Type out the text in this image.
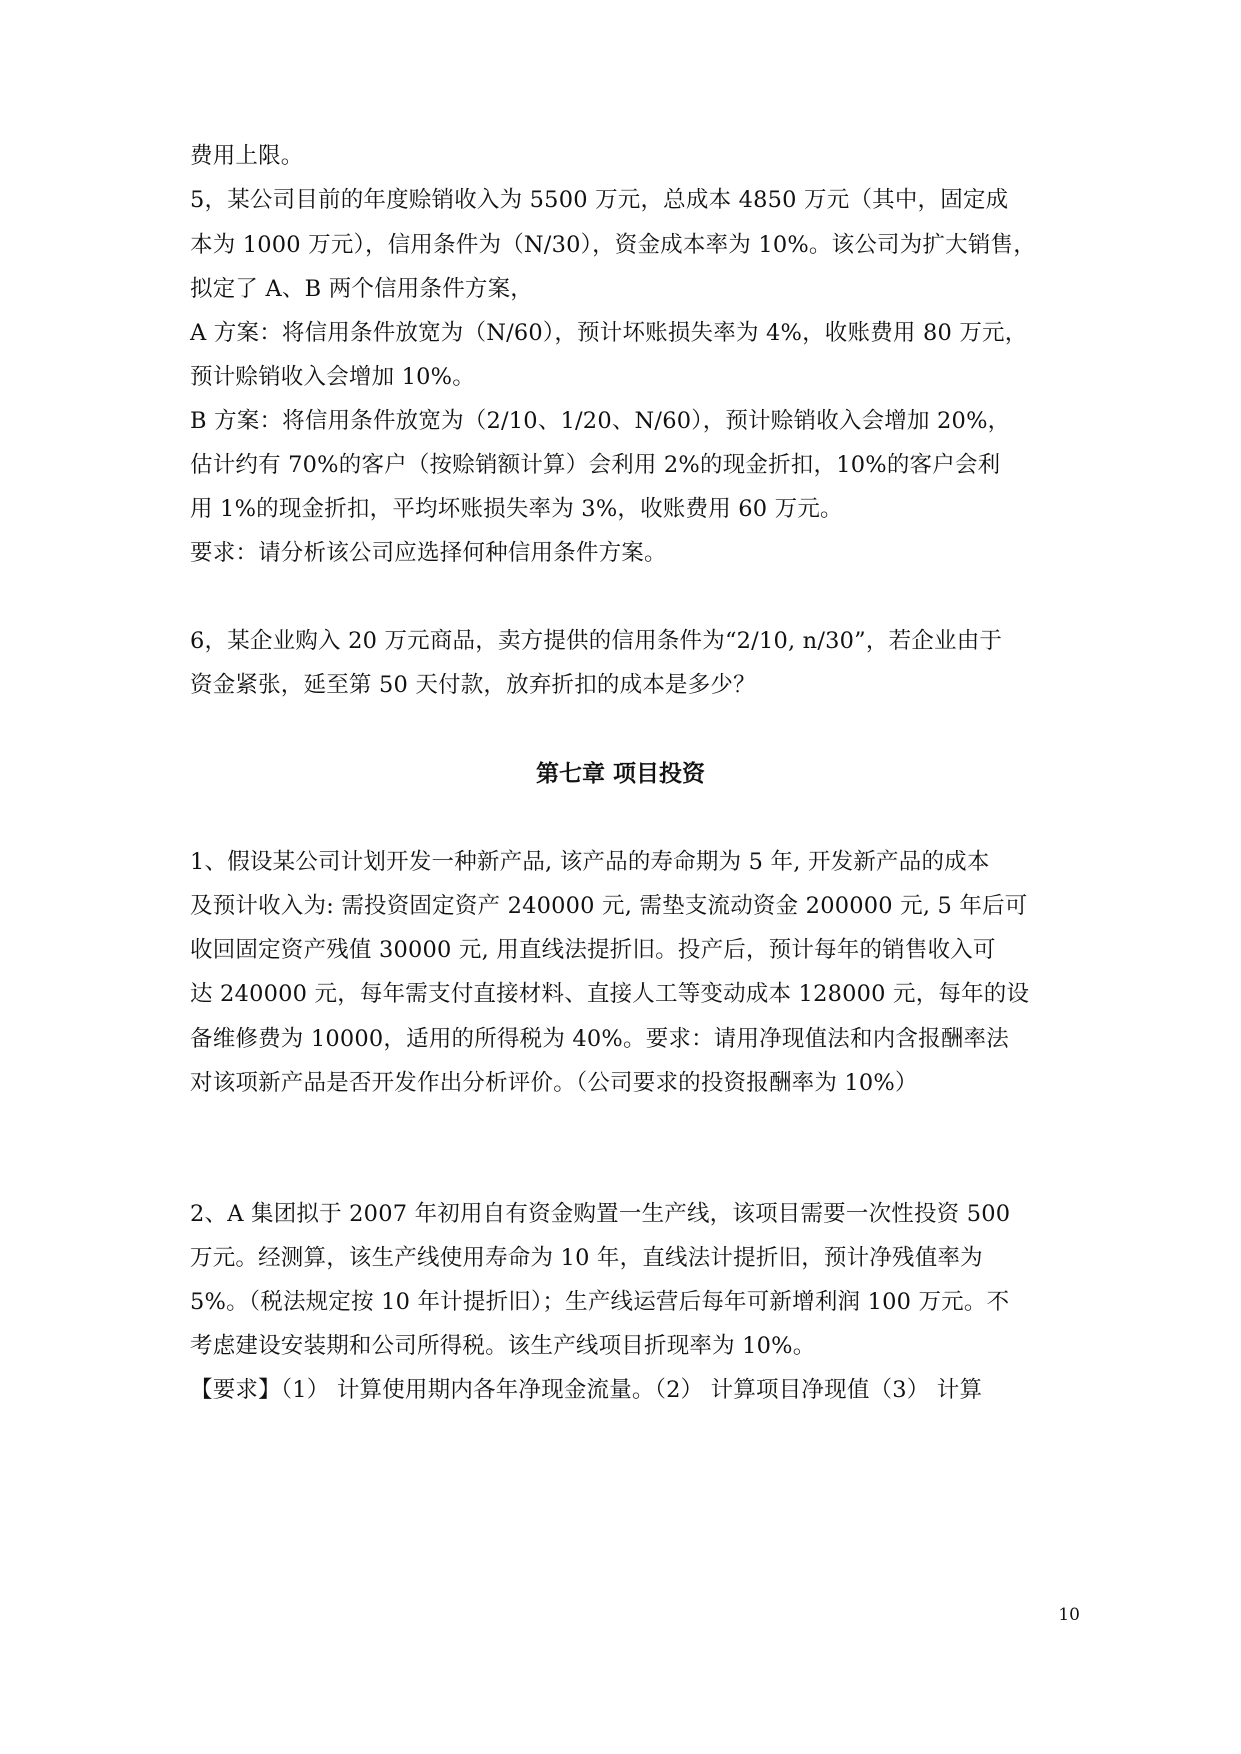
费用上限。
5，某公司目前的年度赊销收入为 5500 万元，总成本 4850 万元（其中，固定成
本为 1000 万元），信用条件为（N/30），资金成本率为 10%。该公司为扩大销售，
拟定了 A、B 两个信用条件方案，
A 方案：将信用条件放宽为（N/60），预计坏账损失率为 4%，收账费用 80 万元，
预计赊销收入会增加 10%。
B 方案：将信用条件放宽为（2/10、1/20、N/60），预计赊销收入会增加 20%，
估计约有 70%的客户（按赊销额计算）会利用 2%的现金折扣，10%的客户会利
用 1%的现金折扣，平均坏账损失率为 3%，收账费用 60 万元。
要求：请分析该公司应选择何种信用条件方案。
6，某企业购入 20 万元商品，卖方提供的信用条件为“2/10, n/30”，若企业由于
资金紧张，延至第 50 天付款，放弃折扣的成本是多少？
第七章 项目投资
1、假设某公司计划开发一种新产品, 该产品的寿命期为 5 年, 开发新产品的成本
及预计收入为: 需投资固定资产 240000 元, 需垫支流动资金 200000 元, 5 年后可
收回固定资产残值 30000 元, 用直线法提折旧。投产后，预计每年的销售收入可
达 240000 元，每年需支付直接材料、直接人工等变动成本 128000 元，每年的设
备维修费为 10000，适用的所得税为 40%。要求：请用净现值法和内含报酬率法
对该项新产品是否开发作出分析评价。（公司要求的投资报酬率为 10%）
2、A 集团拟于 2007 年初用自有资金购置一生产线，该项目需要一次性投资 500
万元。经测算，该生产线使用寿命为 10 年，直线法计提折旧，预计净残值率为
5%。（税法规定按 10 年计提折旧）；生产线运营后每年可新增利润 100 万元。不
考虑建设安装期和公司所得税。该生产线项目折现率为 10%。
【要求】（1） 计算使用期内各年净现金流量。（2） 计算项目净现值（3） 计算
10
